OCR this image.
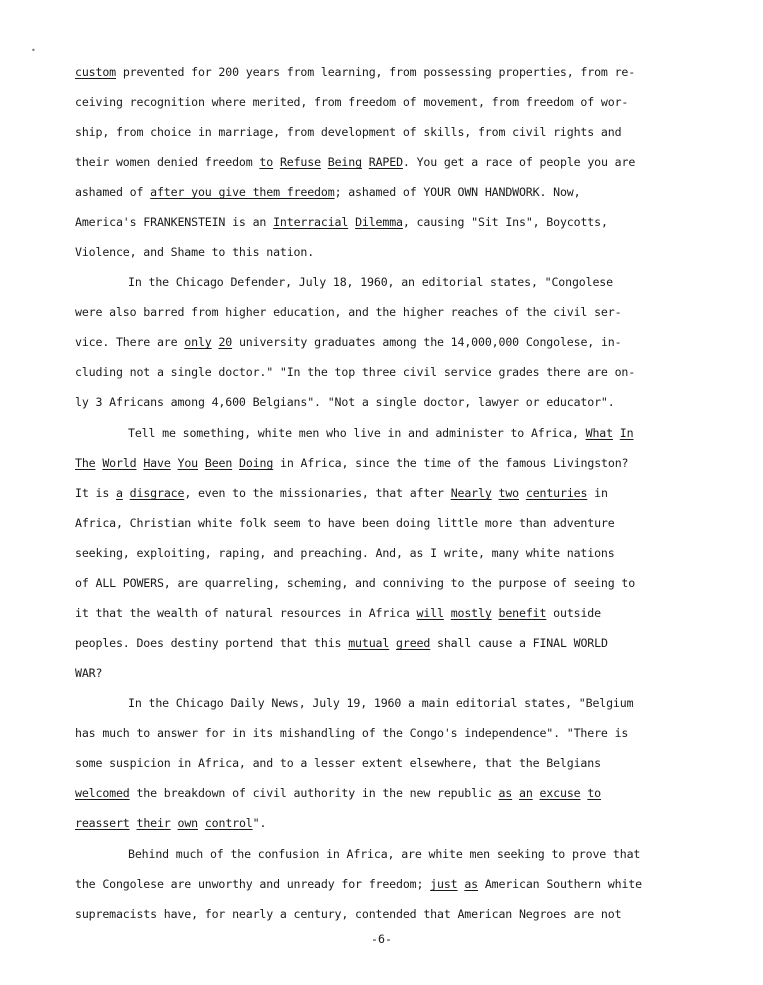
•
custom prevented for 200 years from learning, from possessing properties, from re-
ceiving recognition where merited, from freedom of movement, from freedom of wor-
ship, from choice in marriage, from development of skills, from civil rights and
their women denied freedom to Refuse Being RAPED. You get a race of people you are
ashamed of after you give them freedom; ashamed of YOUR OWN HANDWORK. Now,
America's FRANKENSTEIN is an Interracial Dilemma, causing "Sit Ins", Boycotts,
Violence, and Shame to this nation.
In the Chicago Defender, July 18, 1960, an editorial states, "Congolese
were also barred from higher education, and the higher reaches of the civil ser-
vice. There are only 20 university graduates among the 14,000,000 Congolese, in-
cluding not a single doctor." "In the top three civil service grades there are on-
ly 3 Africans among 4,600 Belgians". "Not a single doctor, lawyer or educator".
Tell me something, white men who live in and administer to Africa, What In
The World Have You Been Doing in Africa, since the time of the famous Livingston?
It is a disgrace, even to the missionaries, that after Nearly two centuries in
Africa, Christian white folk seem to have been doing little more than adventure
seeking, exploiting, raping, and preaching. And, as I write, many white nations
of ALL POWERS, are quarreling, scheming, and conniving to the purpose of seeing to
it that the wealth of natural resources in Africa will mostly benefit outside
peoples. Does destiny portend that this mutual greed shall cause a FINAL WORLD
WAR?
In the Chicago Daily News, July 19, 1960 a main editorial states, "Belgium
has much to answer for in its mishandling of the Congo's independence". "There is
some suspicion in Africa, and to a lesser extent elsewhere, that the Belgians
welcomed the breakdown of civil authority in the new republic as an excuse to
reassert their own control".
Behind much of the confusion in Africa, are white men seeking to prove that
the Congolese are unworthy and unready for freedom; just as American Southern white
supremacists have, for nearly a century, contended that American Negroes are not
-6-
